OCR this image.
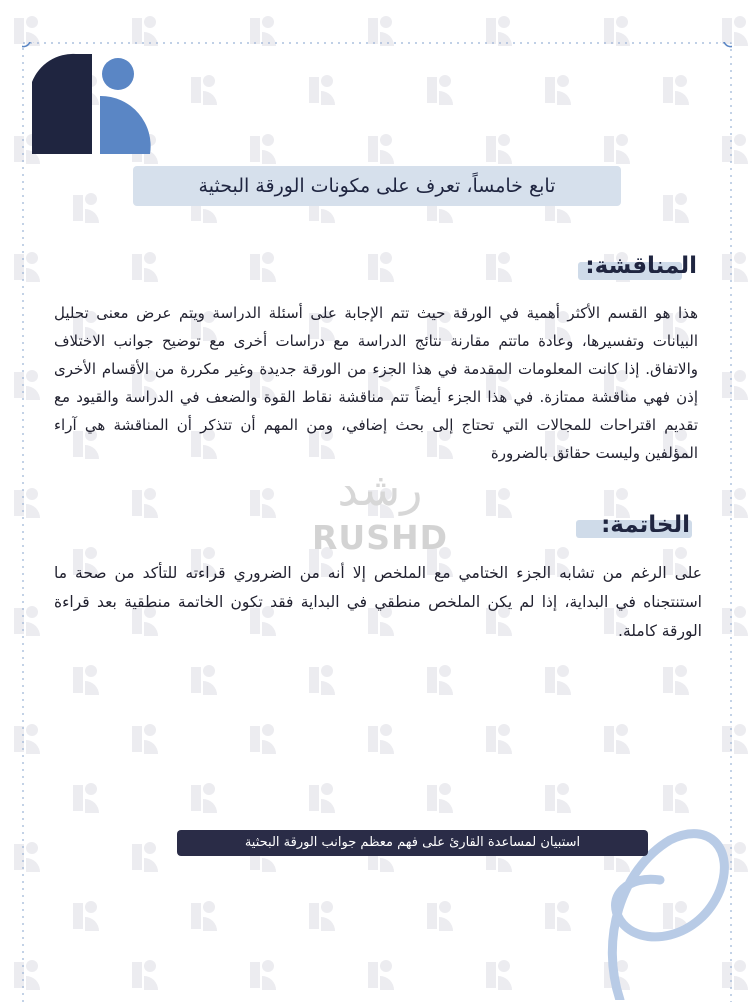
تابع خامساً، تعرف على مكونات الورقة البحثية
المناقشة:
هذا هو القسم الأكثر أهمية في الورقة حيث تتم الإجابة على أسئلة الدراسة ويتم عرض معنى تحليل البيانات وتفسيرها، وعادة ماتتم مقارنة نتائج الدراسة مع دراسات أخرى مع توضيح جوانب الاختلاف والاتفاق. إذا كانت المعلومات المقدمة في هذا الجزء من الورقة جديدة وغير مكررة من الأقسام الأخرى إذن فهي مناقشة ممتازة. في هذا الجزء أيضاً تتم مناقشة نقاط القوة والضعف في الدراسة والقيود مع تقديم اقتراحات للمجالات التي تحتاج إلى بحث إضافي، ومن المهم أن تتذكر أن المناقشة هي آراء المؤلفين وليست حقائق بالضرورة
رشد
RUSHD	الخاتمة:
على الرغم من تشابه الجزء الختامي مع الملخص إلا أنه من الضروري قراءته للتأكد من صحة ما استنتجناه في البداية، إذا لم يكن الملخص منطقي في البداية فقد تكون الخاتمة منطقية بعد قراءة الورقة كاملة.
استبيان لمساعدة القارئ على فهم معظم جوانب الورقة البحثية
